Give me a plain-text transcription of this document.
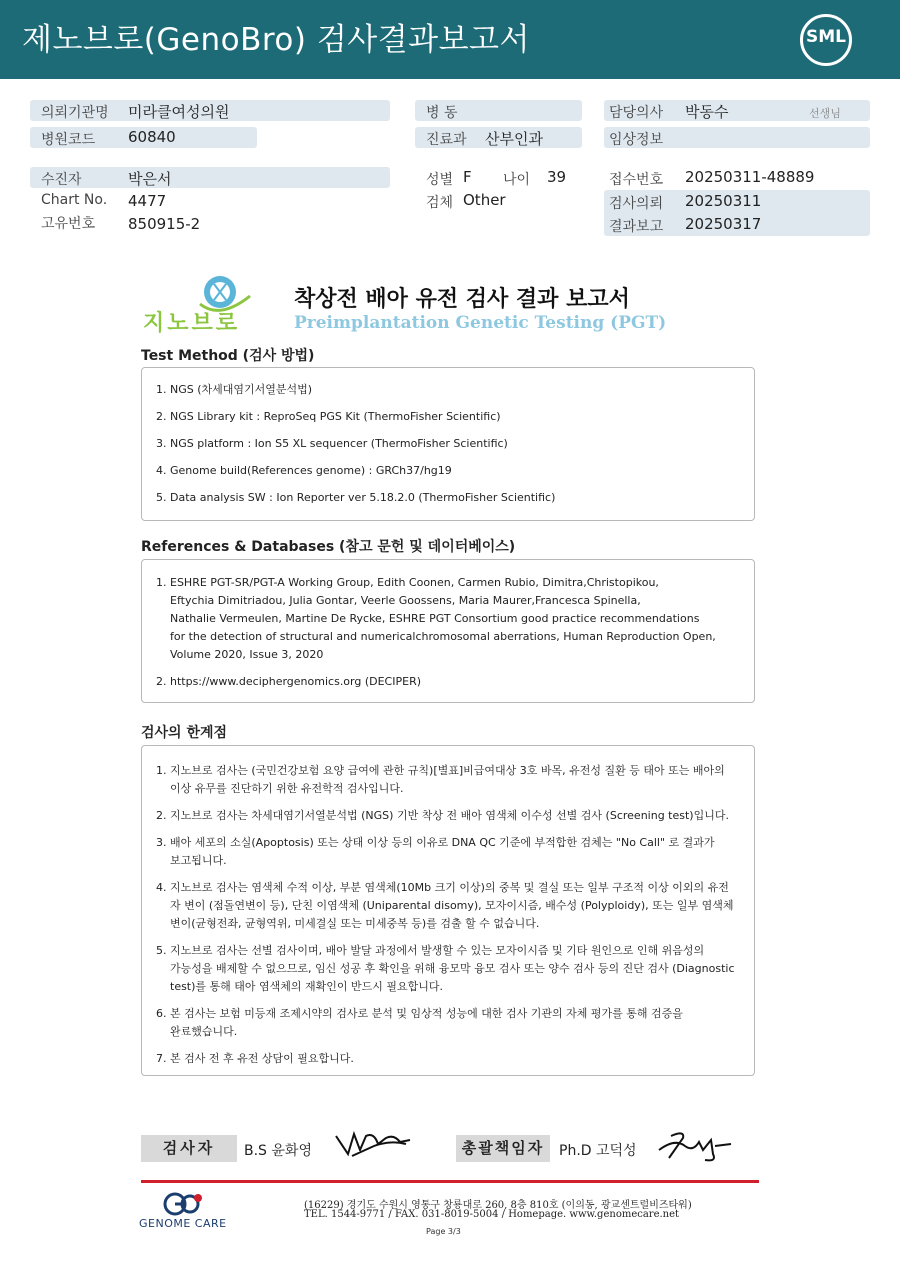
제노브로(GenoBro) 검사결과보고서	SML
의뢰기관명 미라클여성의원
병원코드 60840
병 동
진료과 산부인과
담당의사 박동수	선생님
임상정보
수진자	박은서
Chart No. 4477
고유번호 850915-2
성별 F 나이 39
검체 Other
접수번호 20250311-48889
검사의뢰 20250311
결과보고 20250317
지노브로
착상전 배아 유전 검사 결과 보고서
Preimplantation Genetic Testing (PGT)
Test Method (검사 방법)
1. NGS (차세대염기서열분석법)
2. NGS Library kit : ReproSeq PGS Kit (ThermoFisher Scientific)
3. NGS platform : Ion S5 XL sequencer (ThermoFisher Scientific)
4. Genome build(References genome) : GRCh37/hg19
5. Data analysis SW : Ion Reporter ver 5.18.2.0 (ThermoFisher Scientific)
References & Databases (참고 문헌 및 데이터베이스)
1. ESHRE PGT-SR/PGT-A Working Group, Edith Coonen, Carmen Rubio, Dimitra,Christopikou,
Eftychia Dimitriadou, Julia Gontar, Veerle Goossens, Maria Maurer,Francesca Spinella,
Nathalie Vermeulen, Martine De Rycke, ESHRE PGT Consortium good practice recommendations
for the detection of structural and numericalchromosomal aberrations, Human Reproduction Open,
Volume 2020, Issue 3, 2020
2. https://www.deciphergenomics.org (DECIPER)
검사의 한계점
1. 지노브로 검사는 (국민건강보험 요양 급여에 관한 규칙)[별표]비급여대상 3호 바목, 유전성 질환 등 태아 또는 배아의
이상 유무를 진단하기 위한 유전학적 검사입니다.
2. 지노브로 검사는 차세대염기서열분석법 (NGS) 기반 착상 전 배아 염색체 이수성 선별 검사 (Screening test)입니다.
3. 배아 세포의 소실(Apoptosis) 또는 상태 이상 등의 이유로 DNA QC 기준에 부적합한 검체는 "No Call" 로 결과가
보고됩니다.
4. 지노브로 검사는 염색체 수적 이상, 부분 염색체(10Mb 크기 이상)의 중복 및 결실 또는 일부 구조적 이상 이외의 유전
자 변이 (점돌연변이 등), 단친 이염색체 (Uniparental disomy), 모자이시즘, 배수성 (Polyploidy), 또는 일부 염색체
변이(균형전좌, 균형역위, 미세결실 또는 미세중복 등)를 검출 할 수 없습니다.
5. 지노브로 검사는 선별 검사이며, 배아 발달 과정에서 발생할 수 있는 모자이시즘 및 기타 원인으로 인해 위음성의
가능성을 배제할 수 없으므로, 임신 성공 후 확인을 위해 융모막 융모 검사 또는 양수 검사 등의 진단 검사 (Diagnostic
test)를 통해 태아 염색체의 재확인이 반드시 필요합니다.
6. 본 검사는 보험 미등재 조제시약의 검사로 분석 및 임상적 성능에 대한 검사 기관의 자체 평가를 통해 검증을
완료했습니다.
7. 본 검사 전 후 유전 상담이 필요합니다.
검사자	B.S 윤화영	총괄책임자	Ph.D 고덕성
GENOME CARE
(16229) 경기도 수원시 영통구 창룡대로 260, 8층 810호 (이의동, 광교센트럴비즈타워)
TEL. 1544-9771 / FAX. 031-8019-5004 / Homepage. www.genomecare.net
Page 3/3
